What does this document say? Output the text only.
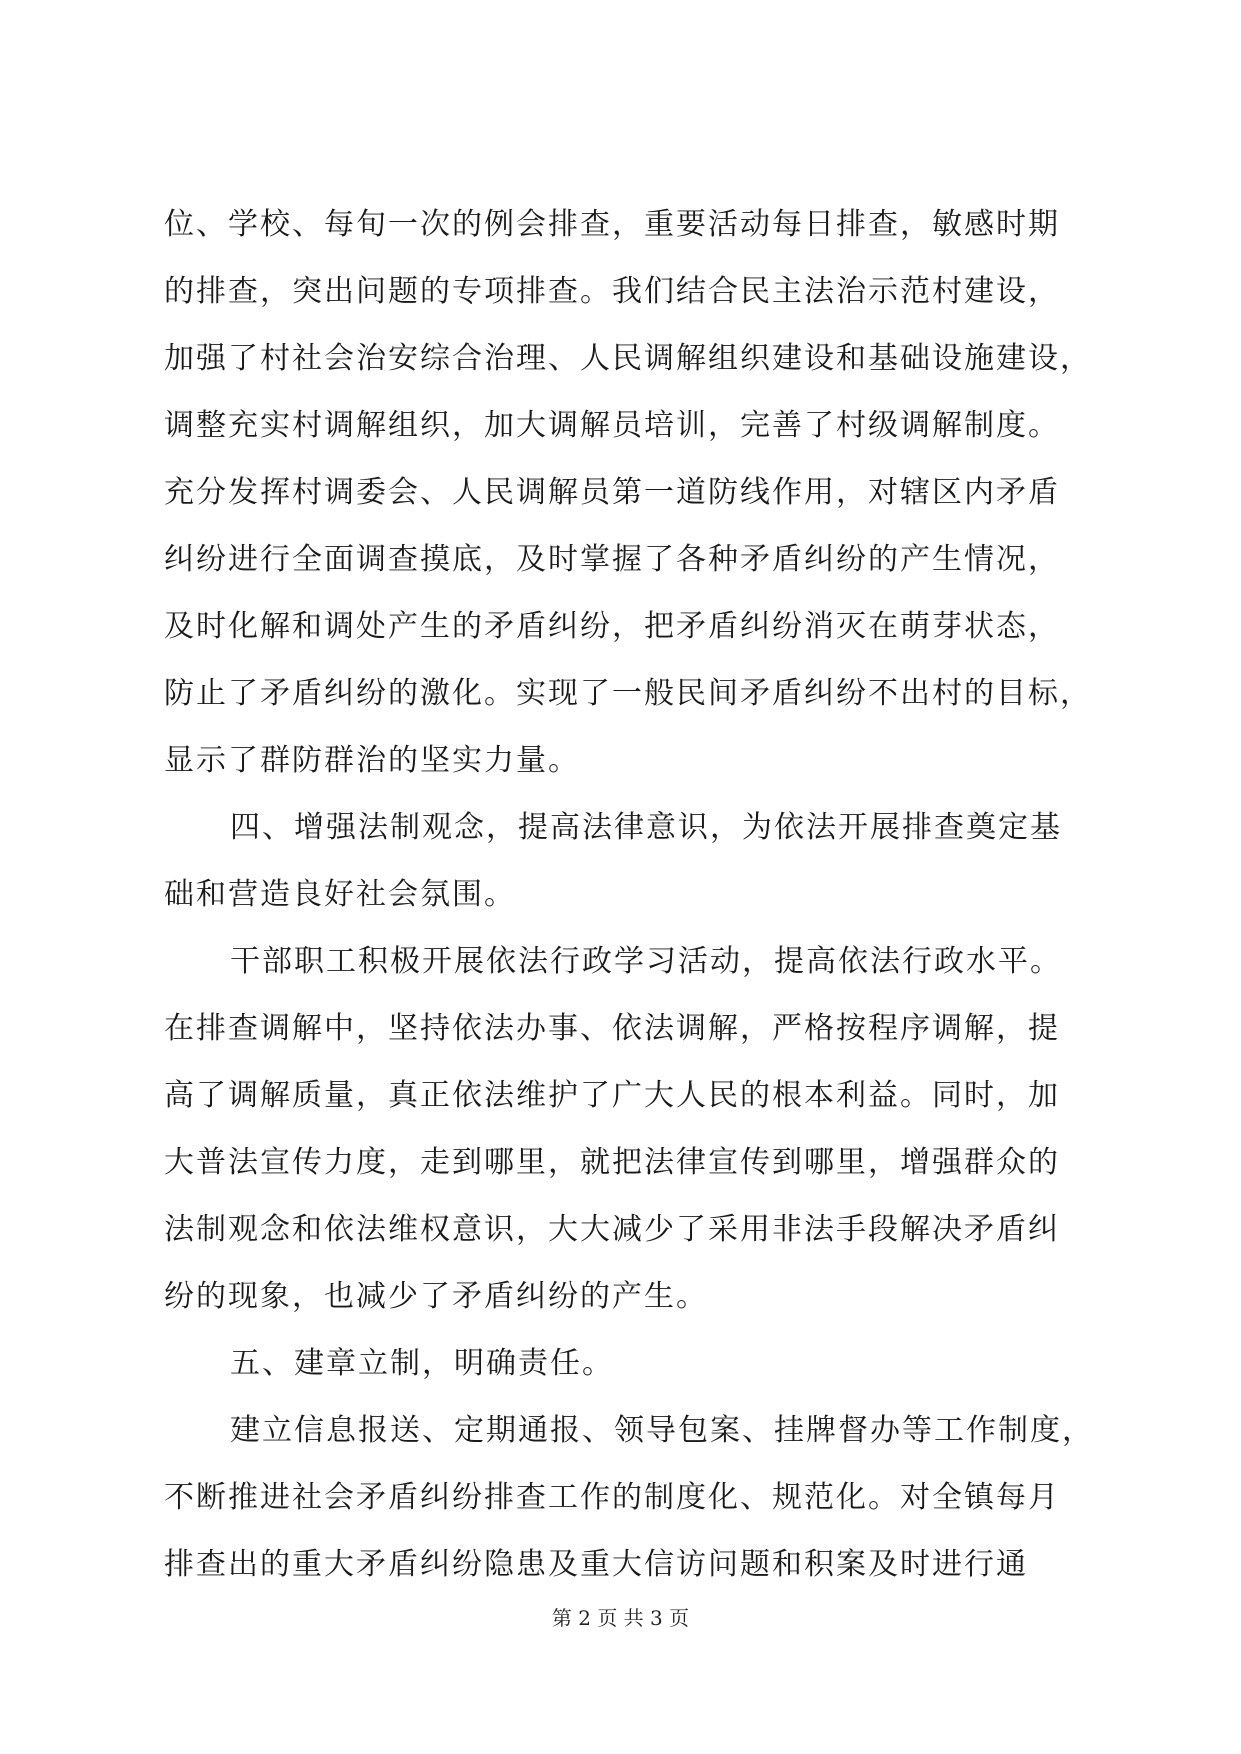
位、学校、每旬一次的例会排查，重要活动每日排查，敏感时期
的排查，突出问题的专项排查。我们结合民主法治示范村建设，
加强了村社会治安综合治理、人民调解组织建设和基础设施建设，
调整充实村调解组织，加大调解员培训，完善了村级调解制度。
充分发挥村调委会、人民调解员第一道防线作用，对辖区内矛盾
纠纷进行全面调查摸底，及时掌握了各种矛盾纠纷的产生情况，
及时化解和调处产生的矛盾纠纷，把矛盾纠纷消灭在萌芽状态，
防止了矛盾纠纷的激化。实现了一般民间矛盾纠纷不出村的目标，
显示了群防群治的坚实力量。
四、增强法制观念，提高法律意识，为依法开展排查奠定基
础和营造良好社会氛围。
干部职工积极开展依法行政学习活动，提高依法行政水平。
在排查调解中，坚持依法办事、依法调解，严格按程序调解，提
高了调解质量，真正依法维护了广大人民的根本利益。同时，加
大普法宣传力度，走到哪里，就把法律宣传到哪里，增强群众的
法制观念和依法维权意识，大大减少了采用非法手段解决矛盾纠
纷的现象，也减少了矛盾纠纷的产生。
五、建章立制，明确责任。
建立信息报送、定期通报、领导包案、挂牌督办等工作制度，
不断推进社会矛盾纠纷排查工作的制度化、规范化。对全镇每月
排查出的重大矛盾纠纷隐患及重大信访问题和积案及时进行通
第 2 页 共 3 页
